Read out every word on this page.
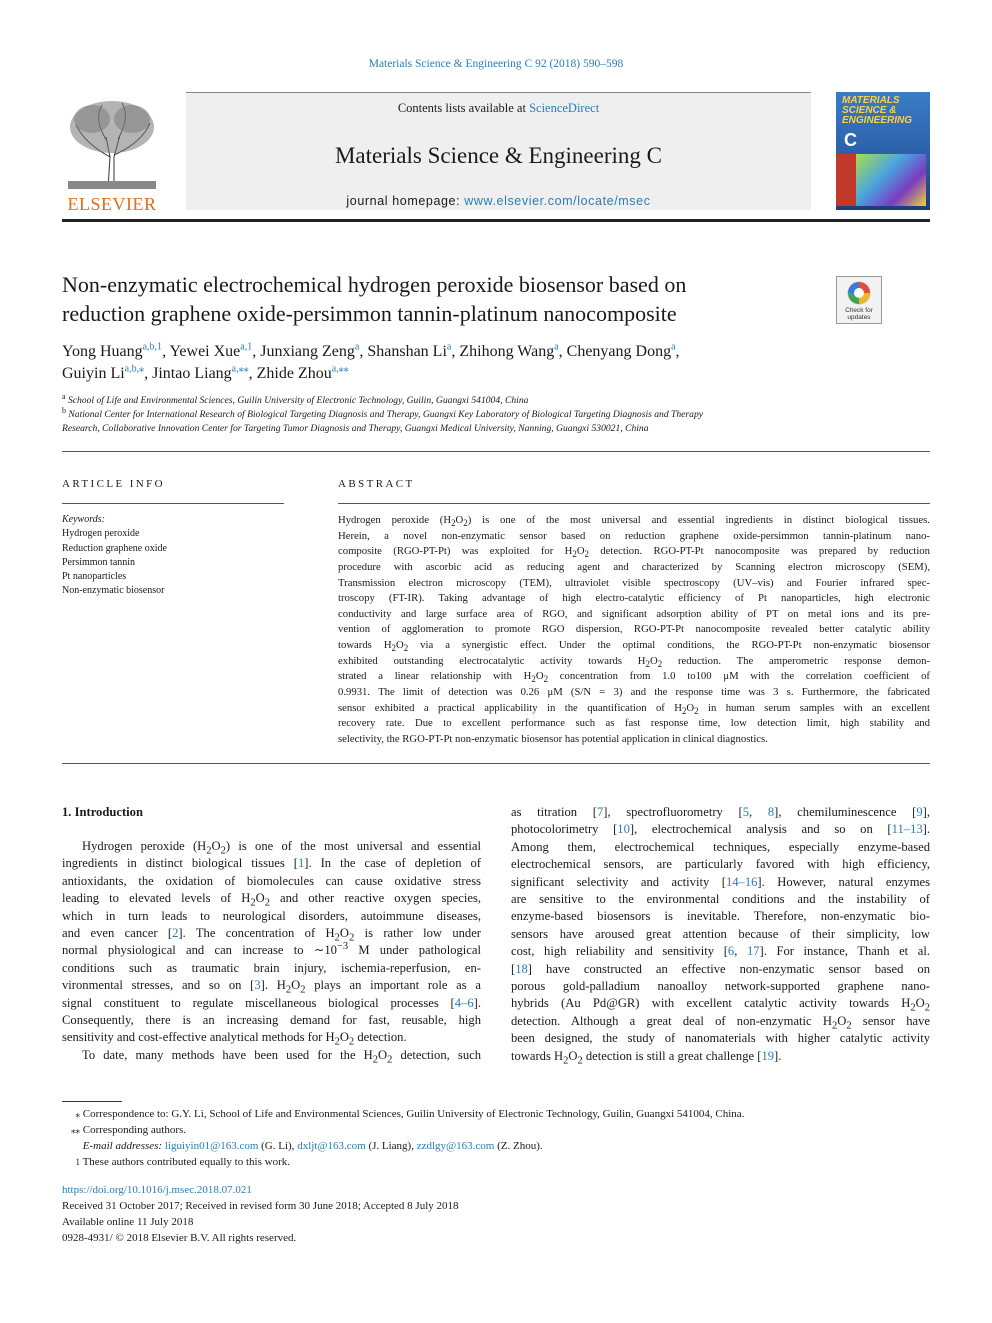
Materials Science & Engineering C 92 (2018) 590–598
ELSEVIER
Contents lists available at ScienceDirect
Materials Science & Engineering C
journal homepage: www.elsevier.com/locate/msec
MATERIALS
SCIENCE &
ENGINEERING
C
Non-enzymatic electrochemical hydrogen peroxide biosensor based on
reduction graphene oxide-persimmon tannin-platinum nanocomposite	Check for
updates
Yong Huang$^{a,b,1}$, Yewei Xue$^{a,1}$, Junxiang Zeng$^a$, Shanshan Li$^a$, Zhihong Wang$^a$, Chenyang Dong$^a$,
Guiyin $Li^{a,b,⁎}$, Jintao Liang$^{a,⁎⁎}$, Zhide Zhou$^{a,⁎⁎}$
$^a$ School of Life and Environmental Sciences, Guilin University of Electronic Technology, Guilin, Guangxi 541004, China
$^b$ National Center for International Research of Biological Targeting Diagnosis and Therapy, Guangxi Key Laboratory of Biological Targeting Diagnosis and Therapy
Research, Collaborative Innovation Center for Targeting Tumor Diagnosis and Therapy, Guangxi Medical University, Nanning, Guangxi 530021, China
ARTICLE INFO
Keywords:
Hydrogen peroxide
Reduction graphene oxide
Persimmon tannin
Pt nanoparticles
Non-enzymatic biosensor
ABSTRACT
Hydrogen peroxide $(H_2O_2)$ is one of the most universal and essential ingredients in distinct biological tissues.
Herein, a novel non-enzymatic sensor based on reduction graphene oxide-persimmon tannin-platinum nano-
composite (RGO-PT-Pt) was exploited for $H_2O_2$ detection. RGO-PT-Pt nanocomposite was prepared by reduction
procedure with ascorbic acid as reducing agent and characterized by Scanning electron microscopy (SEM),
Transmission electron microscopy (TEM), ultraviolet visible spectroscopy (UV–vis) and Fourier infrared spec-
troscopy (FT-IR). Taking advantage of high electro-catalytic efficiency of Pt nanoparticles, high electronic
conductivity and large surface area of RGO, and significant adsorption ability of PT on metal ions and its pre-
vention of agglomeration to promote RGO dispersion, RGO-PT-Pt nanocomposite revealed better catalytic ability
towards $H_2O_2$ via a synergistic effect. Under the optimal conditions, the RGO-PT-Pt non-enzymatic biosensor
exhibited outstanding electrocatalytic activity towards $H_2O_2$ reduction. The amperometric response demon-
strated a linear relationship with $H_2O_2$ concentration from 1.0 to100 μM with the correlation coefficient of
0.9931. The limit of detection was 0.26 μM (S/N = 3) and the response time was 3 s. Furthermore, the fabricated
sensor exhibited a practical applicability in the quantification of $H_2O_2$ in human serum samples with an excellent
recovery rate. Due to excellent performance such as fast response time, low detection limit, high stability and
selectivity, the RGO-PT-Pt non-enzymatic biosensor has potential application in clinical diagnostics.
1. Introduction
Hydrogen peroxide $(H_2O_2)$ is one of the most universal and essential
ingredients in distinct biological tissues [1]. In the case of depletion of
antioxidants, the oxidation of biomolecules can cause oxidative stress
leading to elevated levels of $H_2O_2$ and other reactive oxygen species,
which in turn leads to neurological disorders, autoimmune diseases,
and even cancer [2]. The concentration of $H_2O_2$ is rather low under
normal physiological and can increase to $\sim 10^{-3}$ M under pathological
conditions such as traumatic brain injury, ischemia-reperfusion, en-
vironmental stresses, and so on [3]. $H_2O_2$ plays an important role as a
signal constituent to regulate miscellaneous biological processes [4–6].
Consequently, there is an increasing demand for fast, reusable, high
sensitivity and cost-effective analytical methods for $H_2O_2$ detection.
To date, many methods have been used for the $H_2O_2$ detection, such
as titration [7], spectrofluorometry [5, 8], chemiluminescence [9],
photocolorimetry [10], electrochemical analysis and so on [11–13].
Among them, electrochemical techniques, especially enzyme-based
electrochemical sensors, are particularly favored with high efficiency,
significant selectivity and activity [14–16]. However, natural enzymes
are sensitive to the environmental conditions and the instability of
enzyme-based biosensors is inevitable. Therefore, non-enzymatic bio-
sensors have aroused great attention because of their simplicity, low
cost, high reliability and sensitivity [6, 17]. For instance, Thanh et al.
[18] have constructed an effective non-enzymatic sensor based on
porous gold-palladium nanoalloy network-supported graphene nano-
hybrids (Au Pd@GR) with excellent catalytic activity towards $H_2O_2$
detection. Although a great deal of non-enzymatic $H_2O_2$ sensor have
been designed, the study of nanomaterials with higher catalytic activity
towards $H_2O_2$ detection is still a great challenge [19].
⁎ Correspondence to: G.Y. Li, School of Life and Environmental Sciences, Guilin University of Electronic Technology, Guilin, Guangxi 541004, China.
⁎⁎ Corresponding authors.
E-mail addresses: liguiyin01@163.com (G. Li), dxljt@163.com (J. Liang), zzdlgy@163.com (Z. Zhou).
1 These authors contributed equally to this work.
https://doi.org/10.1016/j.msec.2018.07.021
Received 31 October 2017; Received in revised form 30 June 2018; Accepted 8 July 2018
Available online 11 July 2018
0928-4931/ © 2018 Elsevier B.V. All rights reserved.
